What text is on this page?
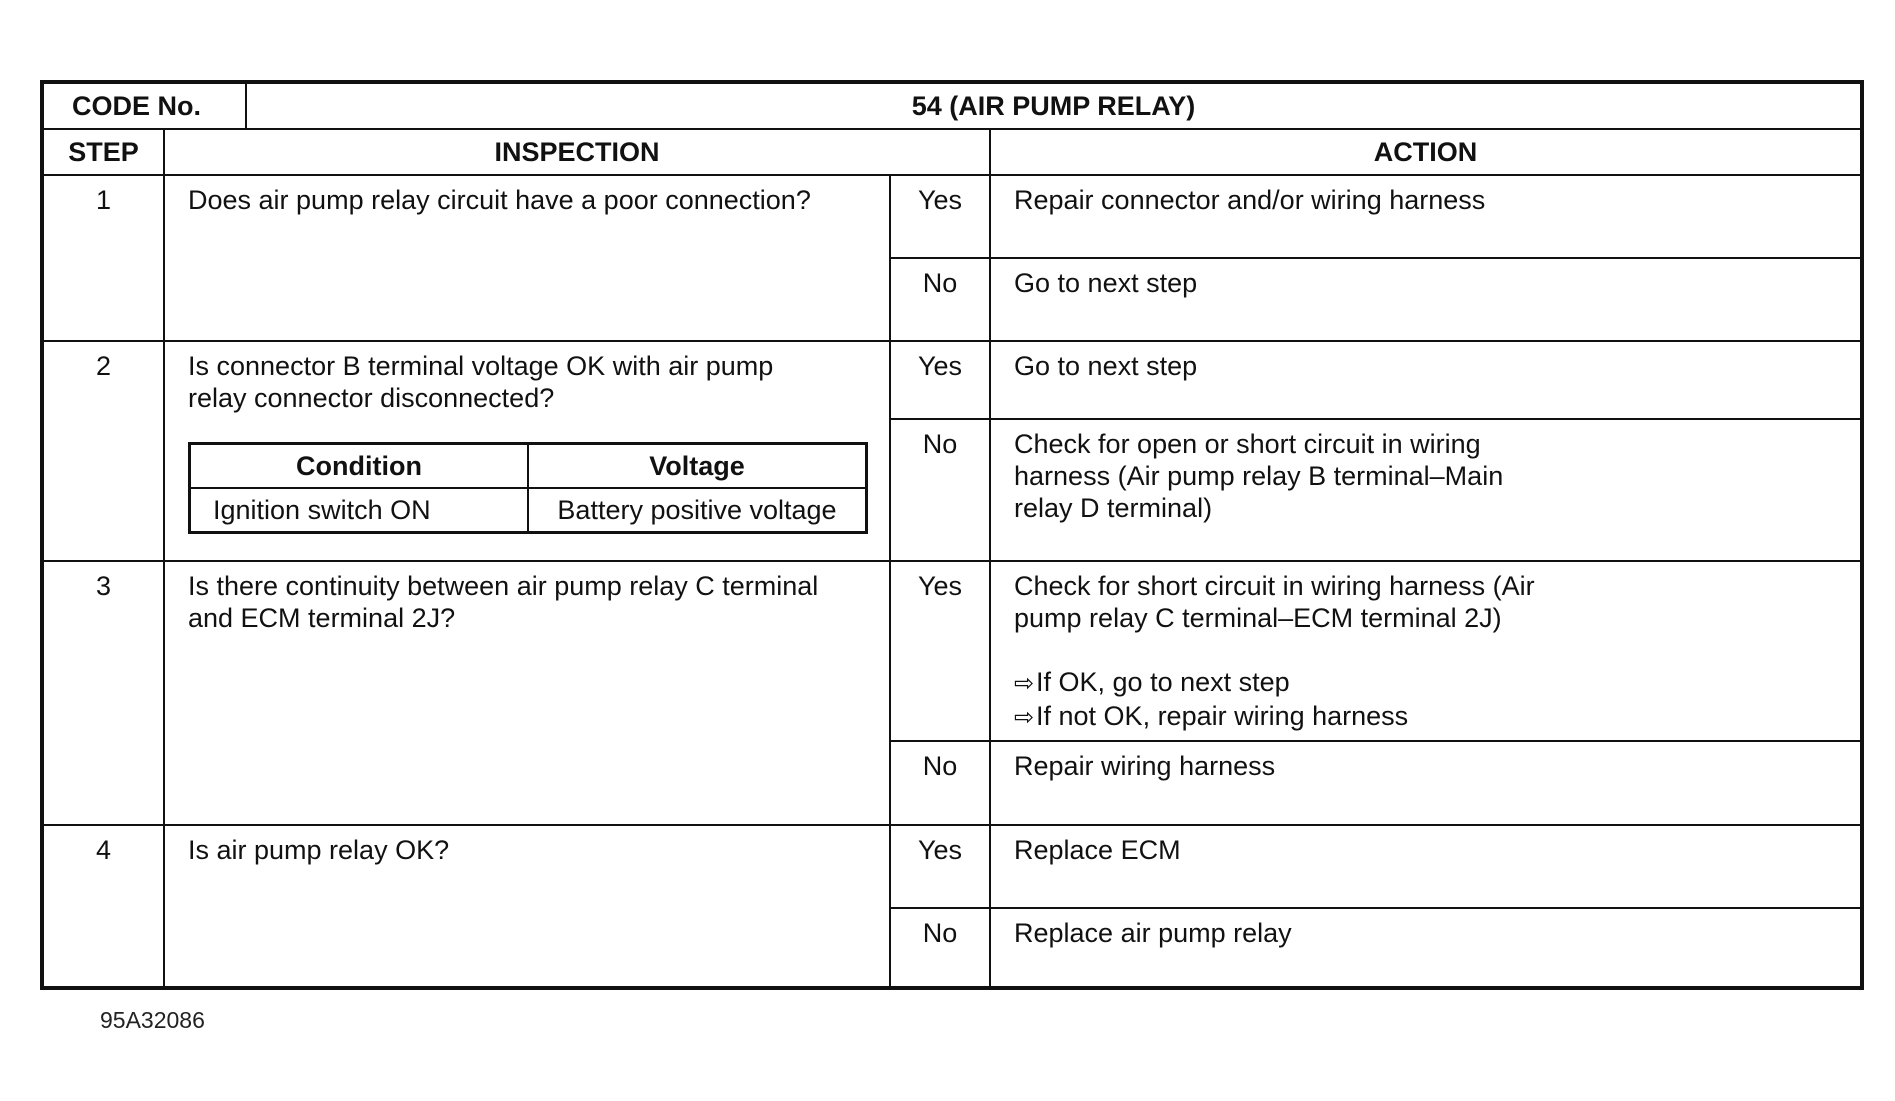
CODE No.	54 (AIR PUMP RELAY)
STEP	INSPECTION	ACTION
1	Does air pump relay circuit have a poor connection?	Yes	Repair connector and/or wiring harness

No	Go to next step

2	Is connector B terminal voltage OK with air pump
relay connector disconnected?
Condition	Voltage
Ignition switch ON	Battery positive voltage
	Yes	Go to next step

No	Check for open or short circuit in wiring
harness (Air pump relay B terminal–Main
relay D terminal)

3	Is there continuity between air pump relay C terminal
and ECM terminal 2J?
	Yes	Check for short circuit in wiring harness (Air
pump relay C terminal–ECM terminal 2J)
⇨If OK, go to next step
⇨If not OK, repair wiring harness

No	Repair wiring harness

4	Is air pump relay OK?	Yes	Replace ECM

No	Replace air pump relay
95A32086
